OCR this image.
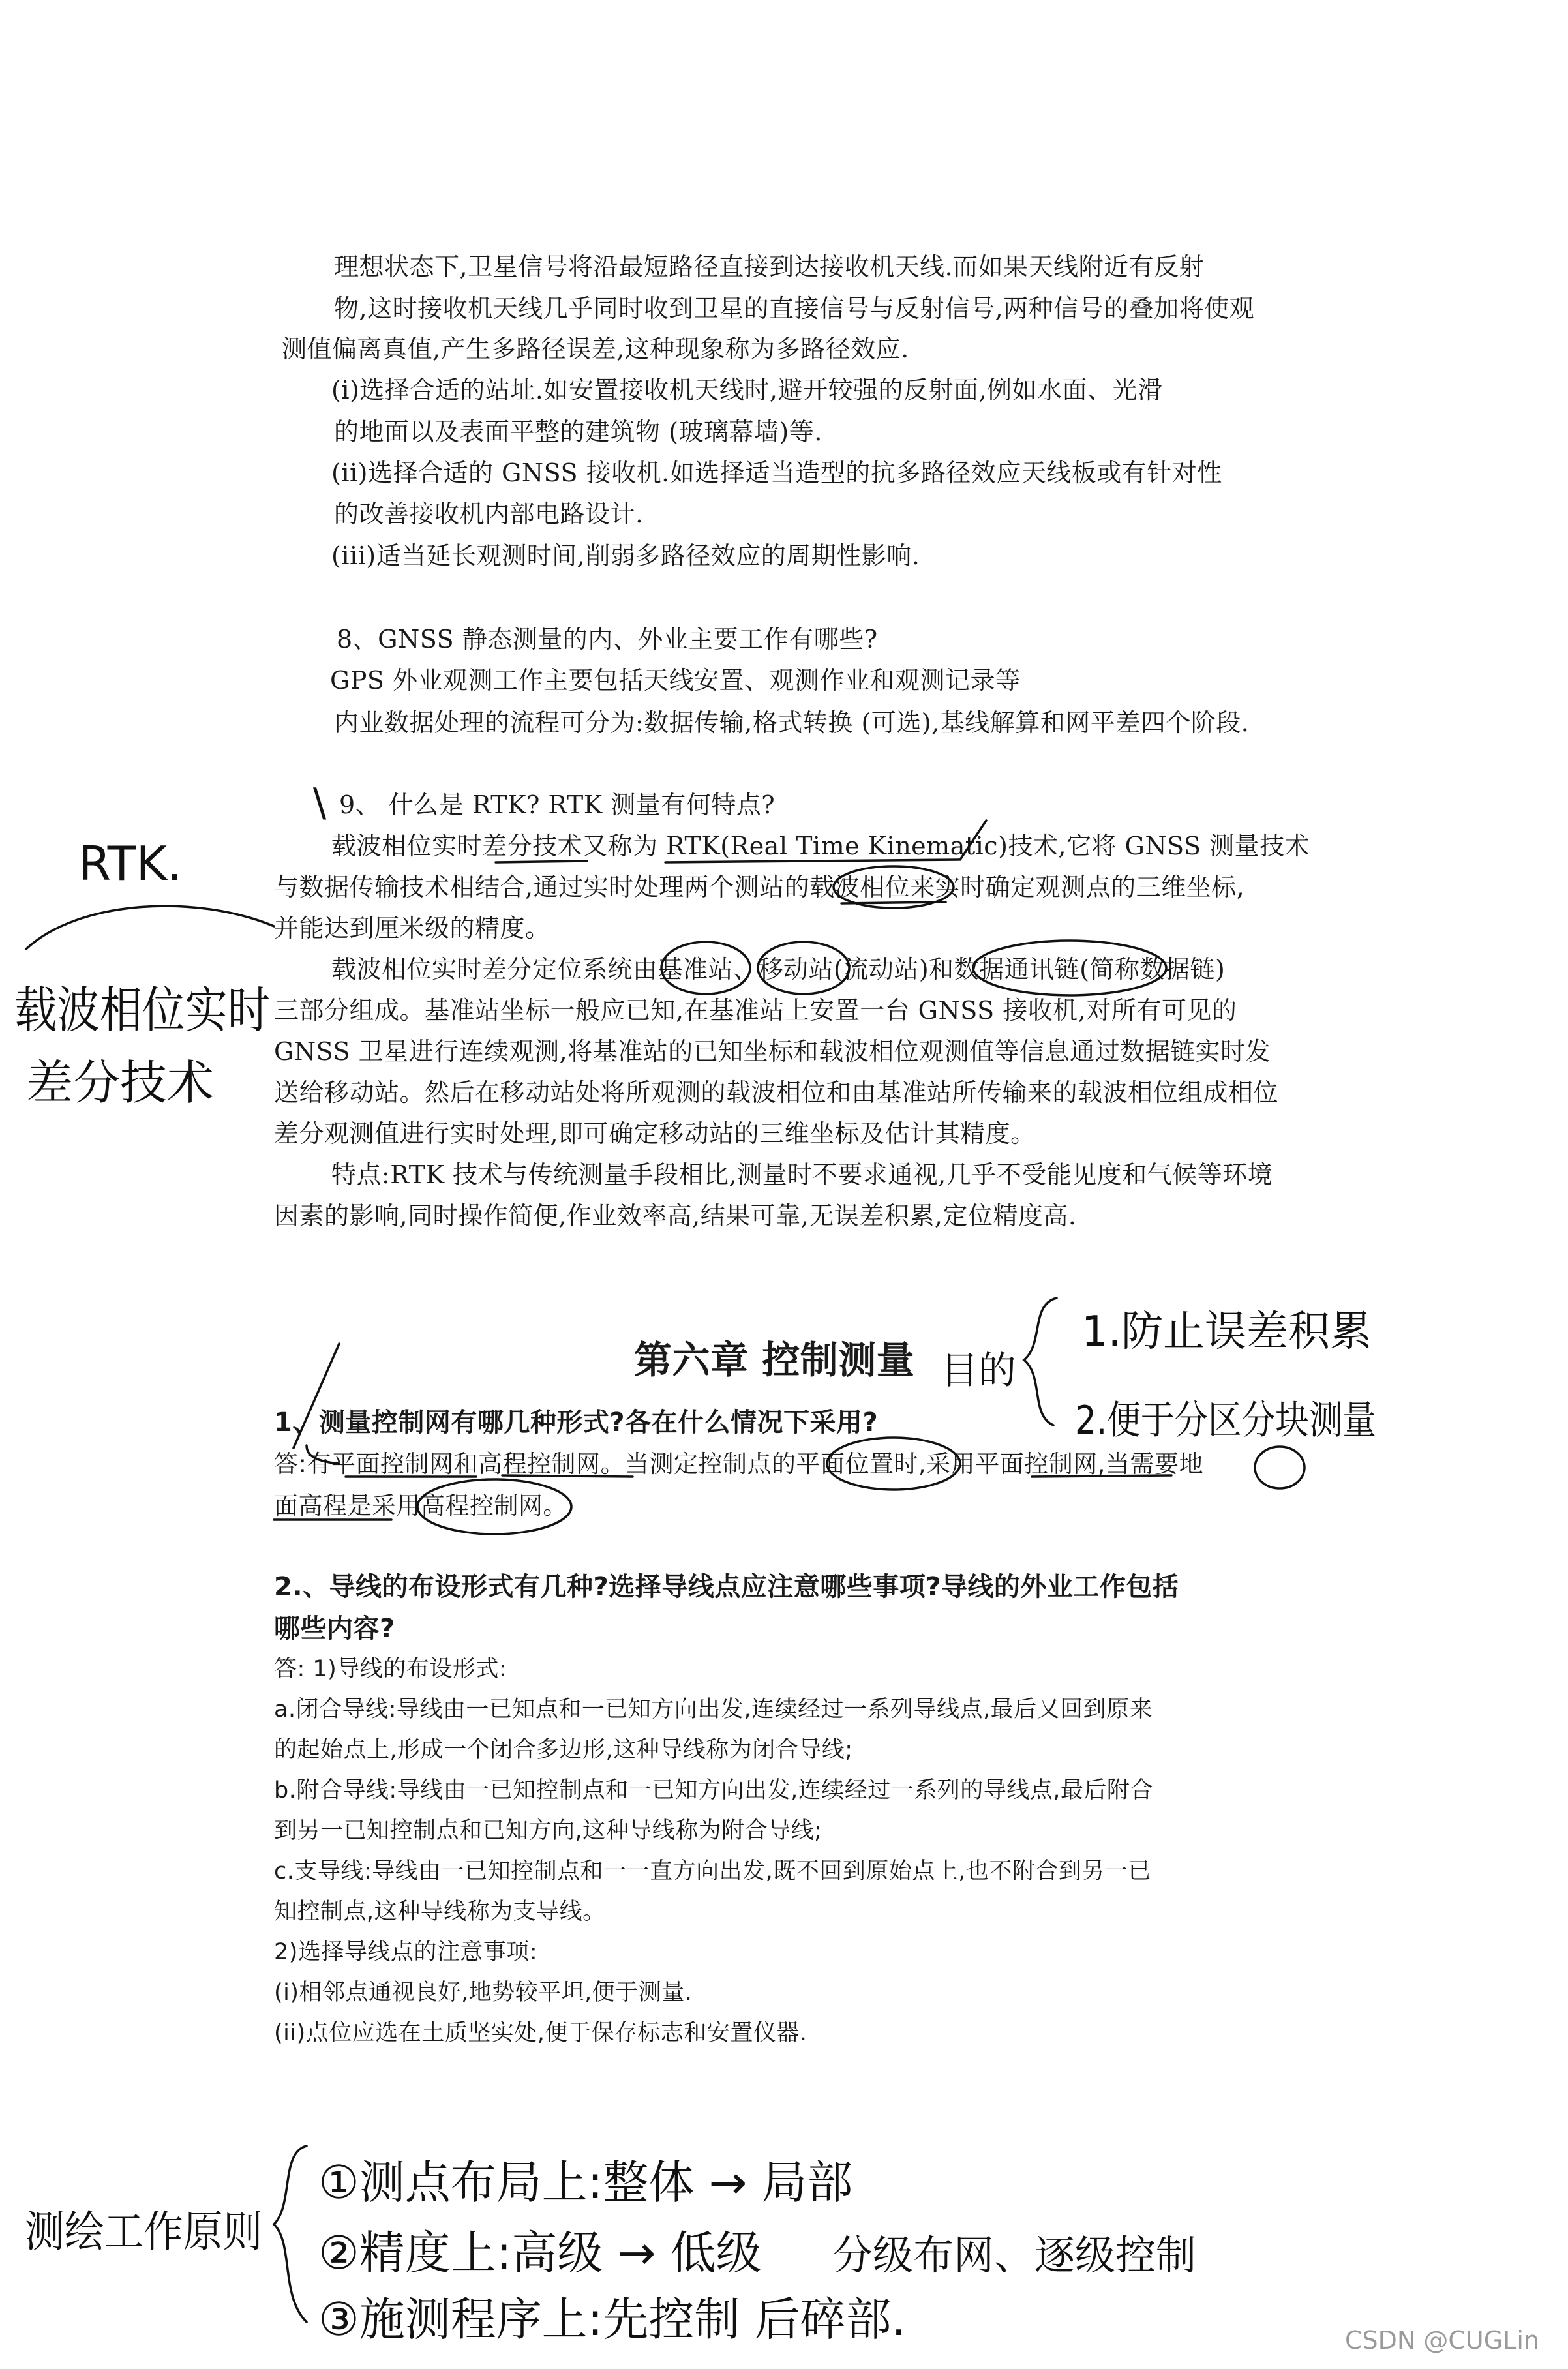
理想状态下,卫星信号将沿最短路径直接到达接收机天线.而如果天线附近有反射
物,这时接收机天线几乎同时收到卫星的直接信号与反射信号,两种信号的叠加将使观
测值偏离真值,产生多路径误差,这种现象称为多路径效应.
(i)选择合适的站址.如安置接收机天线时,避开较强的反射面,例如水面、光滑
的地面以及表面平整的建筑物 (玻璃幕墙)等.
(ii)选择合适的 GNSS 接收机.如选择适当造型的抗多路径效应天线板或有针对性
的改善接收机内部电路设计.
(iii)适当延长观测时间,削弱多路径效应的周期性影响.
8、GNSS 静态测量的内、外业主要工作有哪些?
GPS 外业观测工作主要包括天线安置、观测作业和观测记录等
内业数据处理的流程可分为:数据传输,格式转换 (可选),基线解算和网平差四个阶段.
9、 什么是 RTK? RTK 测量有何特点?
载波相位实时差分技术又称为 RTK(Real Time Kinematic)技术,它将 GNSS 测量技术
与数据传输技术相结合,通过实时处理两个测站的载波相位来实时确定观测点的三维坐标,
并能达到厘米级的精度。
载波相位实时差分定位系统由基准站、移动站(流动站)和数据通讯链(简称数据链)
三部分组成。基准站坐标一般应已知,在基准站上安置一台 GNSS 接收机,对所有可见的
GNSS 卫星进行连续观测,将基准站的已知坐标和载波相位观测值等信息通过数据链实时发
送给移动站。然后在移动站处将所观测的载波相位和由基准站所传输来的载波相位组成相位
差分观测值进行实时处理,即可确定移动站的三维坐标及估计其精度。
特点:RTK 技术与传统测量手段相比,测量时不要求通视,几乎不受能见度和气候等环境
因素的影响,同时操作简便,作业效率高,结果可靠,无误差积累,定位精度高.
\
RTK.
载波相位实时
差分技术
第六章 控制测量 目的
1.防止误差积累
2.便于分区分块测量
1、测量控制网有哪几种形式?各在什么情况下采用?
答:有平面控制网和高程控制网。当测定控制点的平面位置时,采用平面控制网,当需要地
面高程是采用高程控制网。
2.、导线的布设形式有几种?选择导线点应注意哪些事项?导线的外业工作包括
哪些内容?
答: 1)导线的布设形式:
a.闭合导线:导线由一已知点和一已知方向出发,连续经过一系列导线点,最后又回到原来
的起始点上,形成一个闭合多边形,这种导线称为闭合导线;
b.附合导线:导线由一已知控制点和一已知方向出发,连续经过一系列的导线点,最后附合
到另一已知控制点和已知方向,这种导线称为附合导线;
c.支导线:导线由一已知控制点和一一直方向出发,既不回到原始点上,也不附合到另一已
知控制点,这种导线称为支导线。
2)选择导线点的注意事项:
(i)相邻点通视良好,地势较平坦,便于测量.
(ii)点位应选在土质坚实处,便于保存标志和安置仪器.
测绘工作原则
①测点布局上:整体 → 局部
②精度上:高级 → 低级 分级布网、逐级控制
③施测程序上:先控制 后碎部.	CSDN @CUGLin
